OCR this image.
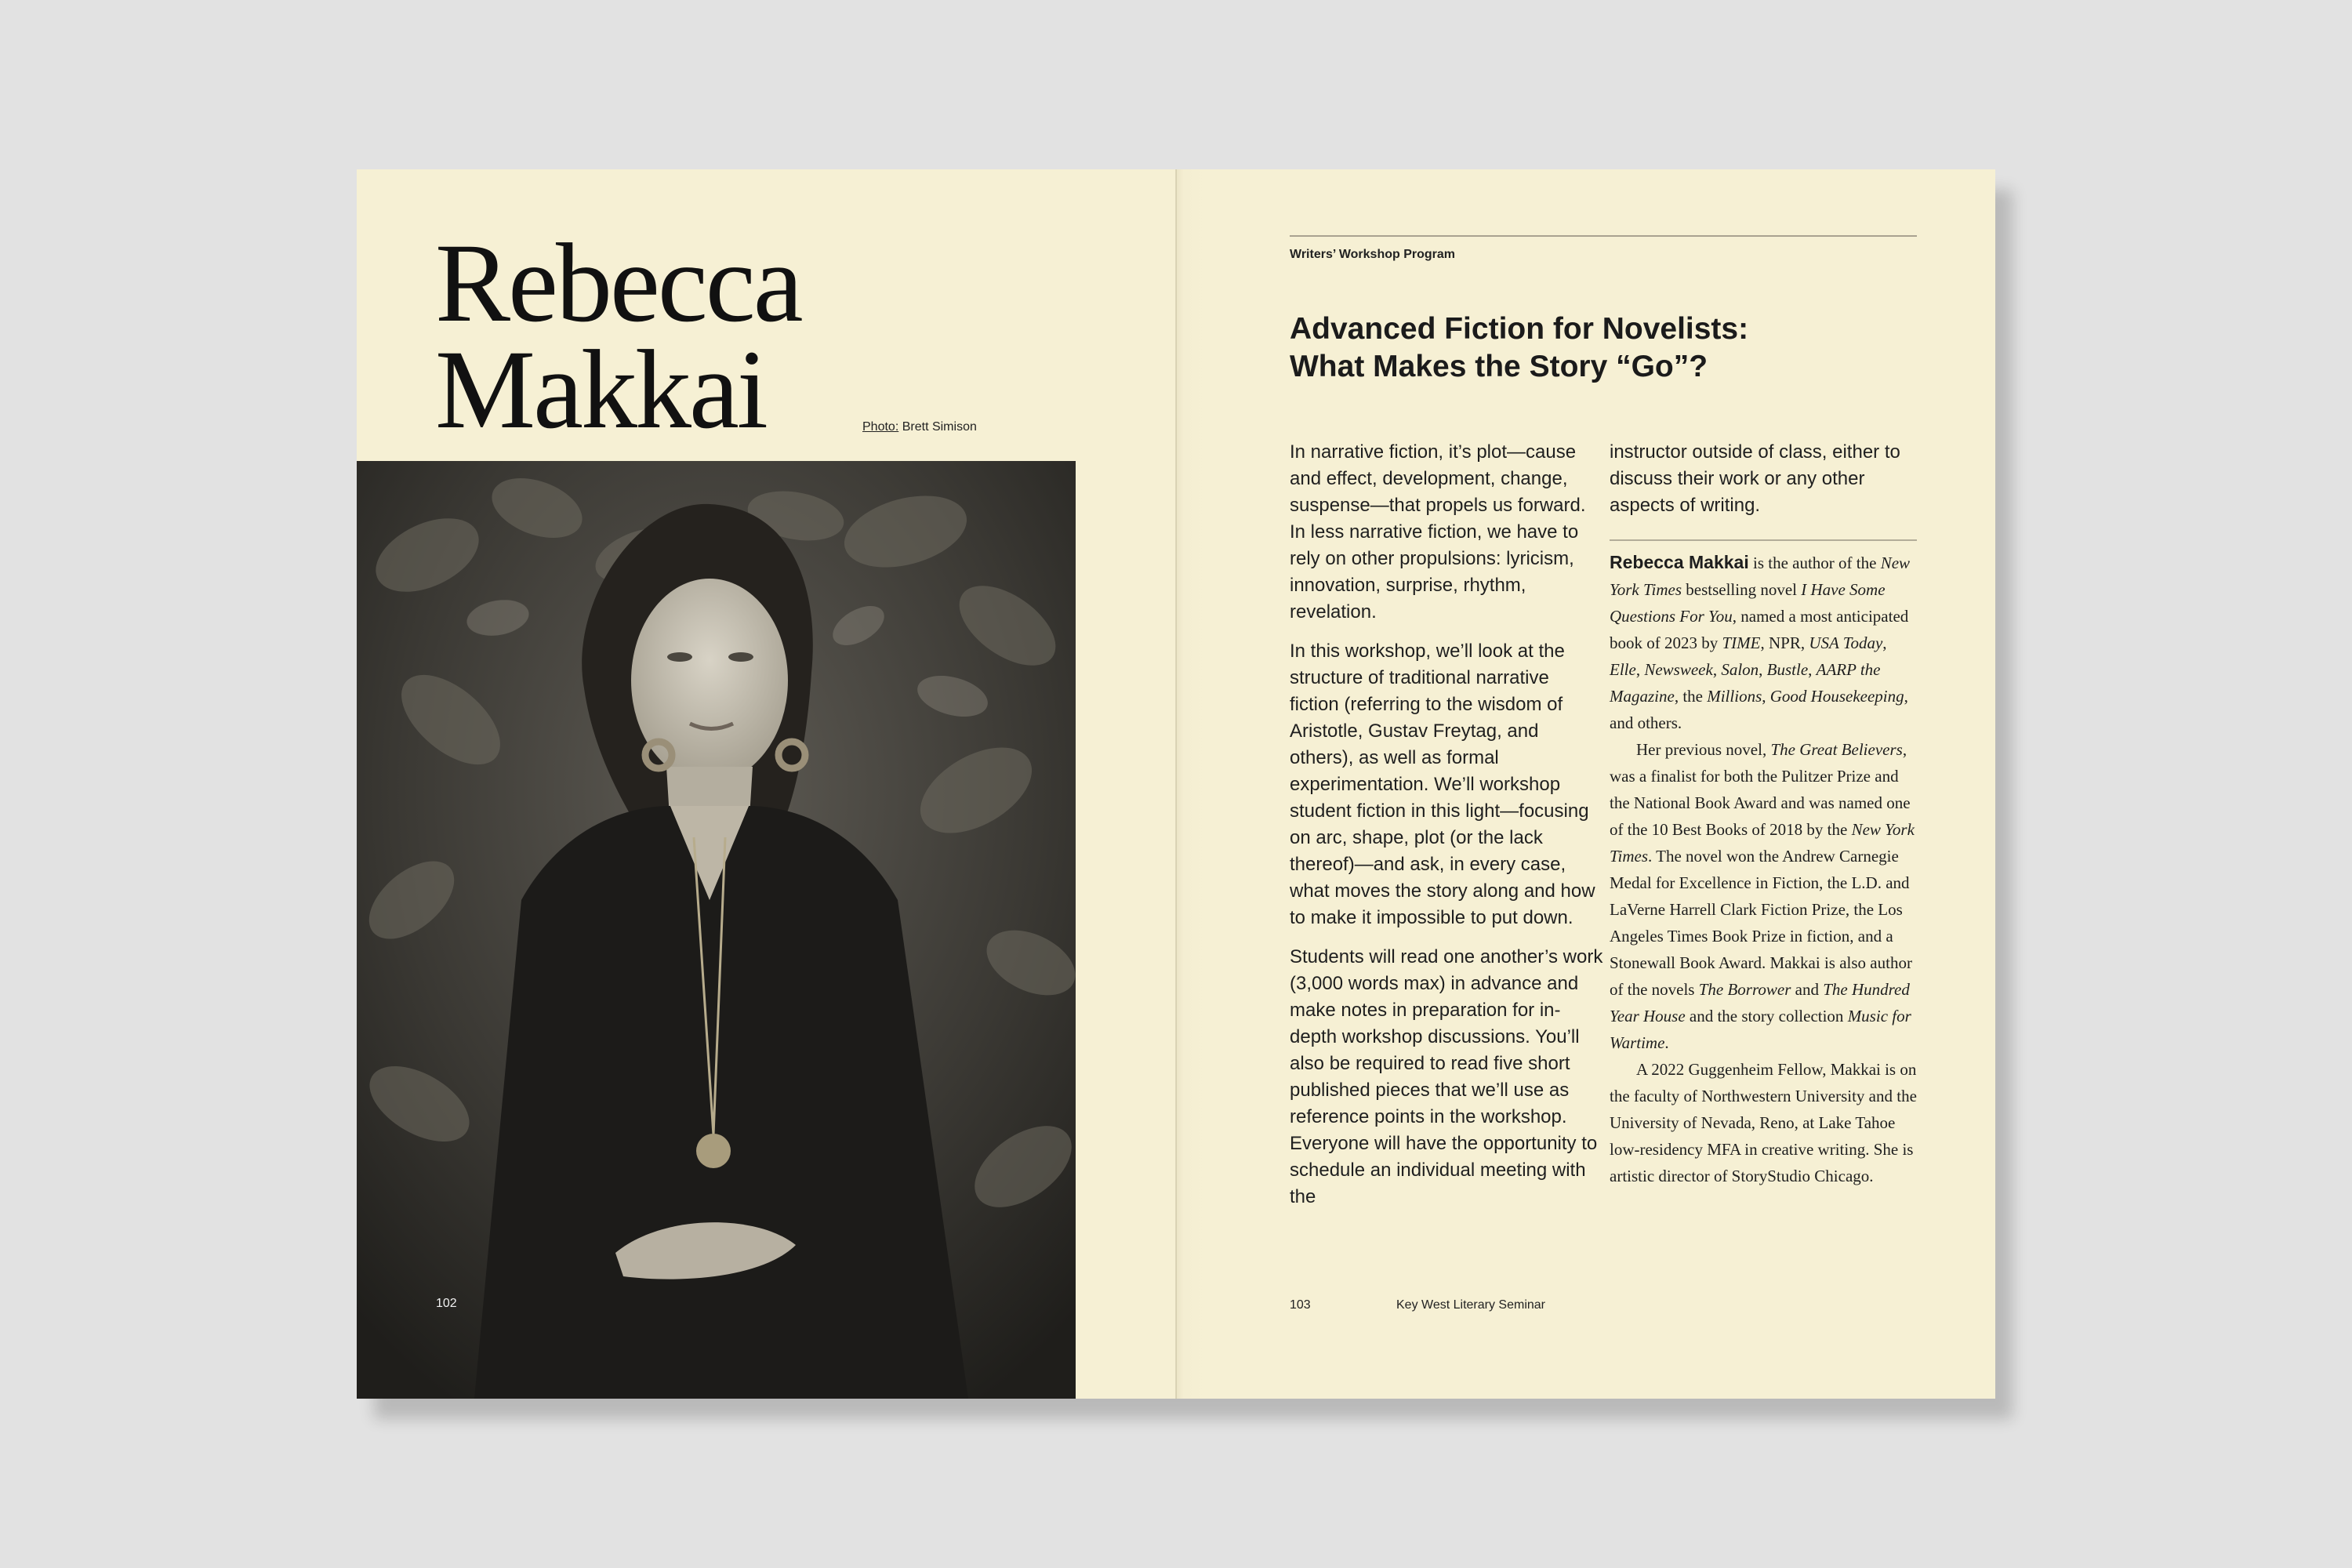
Rebecca
Makkai	Photo: Brett Simison
102
Writers’ Workshop Program
Advanced Fiction for Novelists:
What Makes the Story “Go”?

In narrative fiction, it’s plot—cause and effect, development, change, suspense—that propels us forward. In less narrative fiction, we have to rely on other propulsions: lyricism, innovation, surprise, rhythm, revelation.

In this workshop, we’ll look at the structure of traditional narrative fiction (referring to the wisdom of Aristotle, Gustav Freytag, and others), as well as formal experimentation. We’ll workshop student fiction in this light—focusing on arc, shape, plot (or the lack thereof)—and ask, in every case, what moves the story along and how to make it impossible to put down.

Students will read one another’s work (3,000 words max) in advance and make notes in preparation for in-depth workshop discussions. You’ll also be required to read five short published pieces that we’ll use as reference points in the workshop. Everyone will have the opportunity to schedule an individual meeting with the

instructor outside of class, either to discuss their work or any other aspects of writing.

Rebecca Makkai is the author of the New York Times bestselling novel I Have Some Questions For You, named a most anticipated book of 2023 by TIME, NPR, USA Today, Elle, Newsweek, Salon, Bustle, AARP the Magazine, the Millions, Good Housekeeping, and others.

Her previous novel, The Great Believers, was a finalist for both the Pulitzer Prize and the National Book Award and was named one of the 10 Best Books of 2018 by the New York Times. The novel won the Andrew Carnegie Medal for Excellence in Fiction, the L.D. and LaVerne Harrell Clark Fiction Prize, the Los Angeles Times Book Prize in fiction, and a Stonewall Book Award. Makkai is also author of the novels The Borrower and The Hundred Year House and the story collection Music for Wartime.

A 2022 Guggenheim Fellow, Makkai is on the faculty of Northwestern University and the University of Nevada, Reno, at Lake Tahoe low-residency MFA in creative writing. She is artistic director of StoryStudio Chicago.

103	Key West Literary Seminar
